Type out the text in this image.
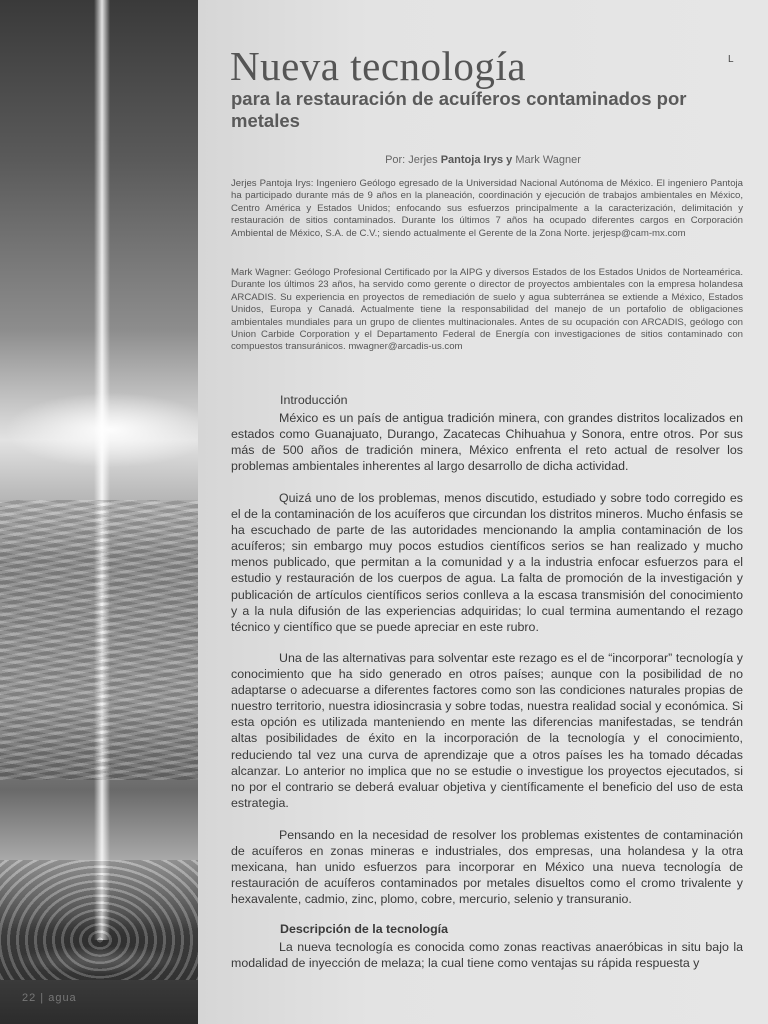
22 | agua
Nueva tecnología	L
para la restauración de acuíferos contaminados por metales
Por: Jerjes Pantoja Irys y Mark Wagner

Jerjes Pantoja Irys: Ingeniero Geólogo egresado de la Universidad Nacional Autónoma de México. El ingeniero Pantoja ha participado durante más de 9 años en la planeación, coordinación y ejecución de trabajos ambientales en México, Centro América y Estados Unidos; enfocando sus esfuerzos principalmente a la caracterización, delimitación y restauración de sitios contaminados. Durante los últimos 7 años ha ocupado diferentes cargos en Corporación Ambiental de México, S.A. de C.V.; siendo actualmente el Gerente de la Zona Norte. jerjesp@cam-mx.com

Mark Wagner: Geólogo Profesional Certificado por la AIPG y diversos Estados de los Estados Unidos de Norteamérica. Durante los últimos 23 años, ha servido como gerente o director de proyectos ambientales con la empresa holandesa ARCADIS. Su experiencia en proyectos de remediación de suelo y agua subterránea se extiende a México, Estados Unidos, Europa y Canadá. Actualmente tiene la responsabilidad del manejo de un portafolio de obligaciones ambientales mundiales para un grupo de clientes multinacionales. Antes de su ocupación con ARCADIS, geólogo con Union Carbide Corporation y el Departamento Federal de Energía con investigaciones de sitios contaminado con compuestos transuránicos. mwagner@arcadis-us.com

Introducción

México es un país de antigua tradición minera, con grandes distritos localizados en estados como Guanajuato, Durango, Zacatecas Chihuahua y Sonora, entre otros. Por sus más de 500 años de tradición minera, México enfrenta el reto actual de resolver los problemas ambientales inherentes al largo desarrollo de dicha actividad.

Quizá uno de los problemas, menos discutido, estudiado y sobre todo corregido es el de la contaminación de los acuíferos que circundan los distritos mineros. Mucho énfasis se ha escuchado de parte de las autoridades mencionando la amplia contaminación de los acuíferos; sin embargo muy pocos estudios científicos serios se han realizado y mucho menos publicado, que permitan a la comunidad y a la industria enfocar esfuerzos para el estudio y restauración de los cuerpos de agua. La falta de promoción de la investigación y publicación de artículos científicos serios conlleva a la escasa transmisión del conocimiento y a la nula difusión de las experiencias adquiridas; lo cual termina aumentando el rezago técnico y científico que se puede apreciar en este rubro.

Una de las alternativas para solventar este rezago es el de “incorporar” tecnología y conocimiento que ha sido generado en otros países; aunque con la posibilidad de no adaptarse o adecuarse a diferentes factores como son las condiciones naturales propias de nuestro territorio, nuestra idiosincrasia y sobre todas, nuestra realidad social y económica. Si esta opción es utilizada manteniendo en mente las diferencias manifestadas, se tendrán altas posibilidades de éxito en la incorporación de la tecnología y el conocimiento, reduciendo tal vez una curva de aprendizaje que a otros países les ha tomado décadas alcanzar. Lo anterior no implica que no se estudie o investigue los proyectos ejecutados, si no por el contrario se deberá evaluar objetiva y científicamente el beneficio del uso de esta estrategia.

Pensando en la necesidad de resolver los problemas existentes de contaminación de acuíferos en zonas mineras e industriales, dos empresas, una holandesa y la otra mexicana, han unido esfuerzos para incorporar en México una nueva tecnología de restauración de acuíferos contaminados por metales disueltos como el cromo trivalente y hexavalente, cadmio, zinc, plomo, cobre, mercurio, selenio y transuranio.

Descripción de la tecnología

La nueva tecnología es conocida como zonas reactivas anaeróbicas in situ bajo la modalidad de inyección de melaza; la cual tiene como ventajas su rápida respuesta y
